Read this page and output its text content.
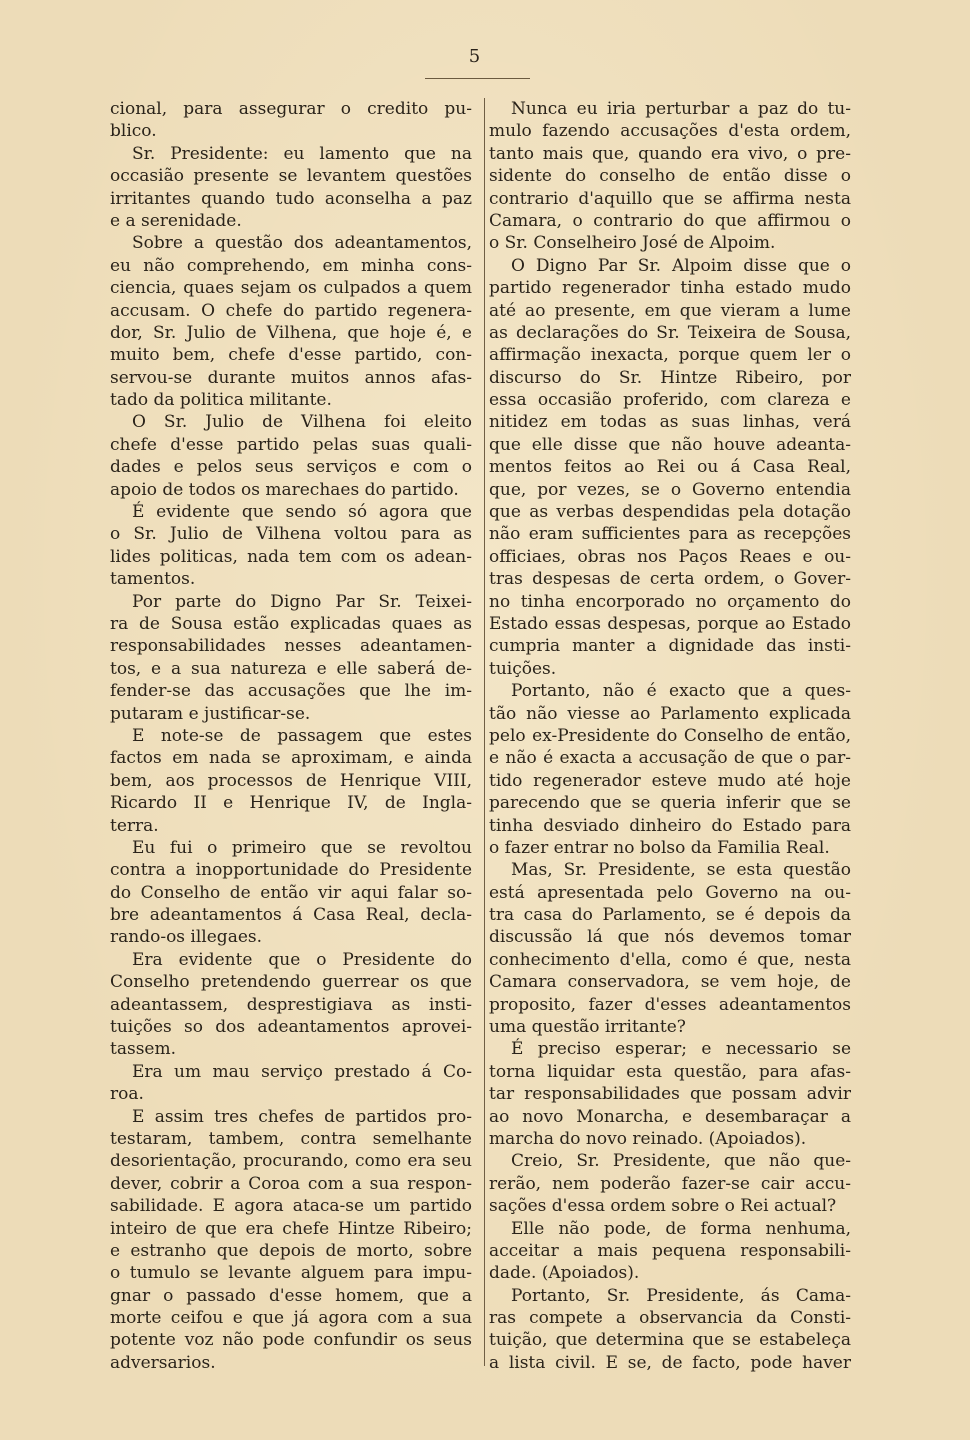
5
cional, para assegurar o credito pu-
blico.
Sr. Presidente: eu lamento que na
occasião presente se levantem questões
irritantes quando tudo aconselha a paz
e a serenidade.
Sobre a questão dos adeantamentos,
eu não comprehendo, em minha cons-
ciencia, quaes sejam os culpados a quem
accusam. O chefe do partido regenera-
dor, Sr. Julio de Vilhena, que hoje é, e
muito bem, chefe d'esse partido, con-
servou-se durante muitos annos afas-
tado da politica militante.
O Sr. Julio de Vilhena foi eleito
chefe d'esse partido pelas suas quali-
dades e pelos seus serviços e com o
apoio de todos os marechaes do partido.
É evidente que sendo só agora que
o Sr. Julio de Vilhena voltou para as
lides politicas, nada tem com os adean-
tamentos.
Por parte do Digno Par Sr. Teixei-
ra de Sousa estão explicadas quaes as
responsabilidades nesses adeantamen-
tos, e a sua natureza e elle saberá de-
fender-se das accusações que lhe im-
putaram e justificar-se.
E note-se de passagem que estes
factos em nada se aproximam, e ainda
bem, aos processos de Henrique VIII,
Ricardo II e Henrique IV, de Ingla-
terra.
Eu fui o primeiro que se revoltou
contra a inopportunidade do Presidente
do Conselho de então vir aqui falar so-
bre adeantamentos á Casa Real, decla-
rando-os illegaes.
Era evidente que o Presidente do
Conselho pretendendo guerrear os que
adeantassem, desprestigiava as insti-
tuições so dos adeantamentos aprovei-
tassem.
Era um mau serviço prestado á Co-
roa.
E assim tres chefes de partidos pro-
testaram, tambem, contra semelhante
desorientação, procurando, como era seu
dever, cobrir a Coroa com a sua respon-
sabilidade. E agora ataca-se um partido
inteiro de que era chefe Hintze Ribeiro;
e estranho que depois de morto, sobre
o tumulo se levante alguem para impu-
gnar o passado d'esse homem, que a
morte ceifou e que já agora com a sua
potente voz não pode confundir os seus
adversarios.
Nunca eu iria perturbar a paz do tu-
mulo fazendo accusações d'esta ordem,
tanto mais que, quando era vivo, o pre-
sidente do conselho de então disse o
contrario d'aquillo que se affirma nesta
Camara, o contrario do que affirmou o
o Sr. Conselheiro José de Alpoim.
O Digno Par Sr. Alpoim disse que o
partido regenerador tinha estado mudo
até ao presente, em que vieram a lume
as declarações do Sr. Teixeira de Sousa,
affirmação inexacta, porque quem ler o
discurso do Sr. Hintze Ribeiro, por
essa occasião proferido, com clareza e
nitidez em todas as suas linhas, verá
que elle disse que não houve adeanta-
mentos feitos ao Rei ou á Casa Real,
que, por vezes, se o Governo entendia
que as verbas despendidas pela dotação
não eram sufficientes para as recepções
officiaes, obras nos Paços Reaes e ou-
tras despesas de certa ordem, o Gover-
no tinha encorporado no orçamento do
Estado essas despesas, porque ao Estado
cumpria manter a dignidade das insti-
tuições.
Portanto, não é exacto que a ques-
tão não viesse ao Parlamento explicada
pelo ex-Presidente do Conselho de então,
e não é exacta a accusação de que o par-
tido regenerador esteve mudo até hoje
parecendo que se queria inferir que se
tinha desviado dinheiro do Estado para
o fazer entrar no bolso da Familia Real.
Mas, Sr. Presidente, se esta questão
está apresentada pelo Governo na ou-
tra casa do Parlamento, se é depois da
discussão lá que nós devemos tomar
conhecimento d'ella, como é que, nesta
Camara conservadora, se vem hoje, de
proposito, fazer d'esses adeantamentos
uma questão irritante?
É preciso esperar; e necessario se
torna liquidar esta questão, para afas-
tar responsabilidades que possam advir
ao novo Monarcha, e desembaraçar a
marcha do novo reinado. (Apoiados).
Creio, Sr. Presidente, que não que-
rerão, nem poderão fazer-se cair accu-
sações d'essa ordem sobre o Rei actual?
Elle não pode, de forma nenhuma,
acceitar a mais pequena responsabili-
dade. (Apoiados).
Portanto, Sr. Presidente, ás Cama-
ras compete a observancia da Consti-
tuição, que determina que se estabeleça
a lista civil. E se, de facto, pode haver
